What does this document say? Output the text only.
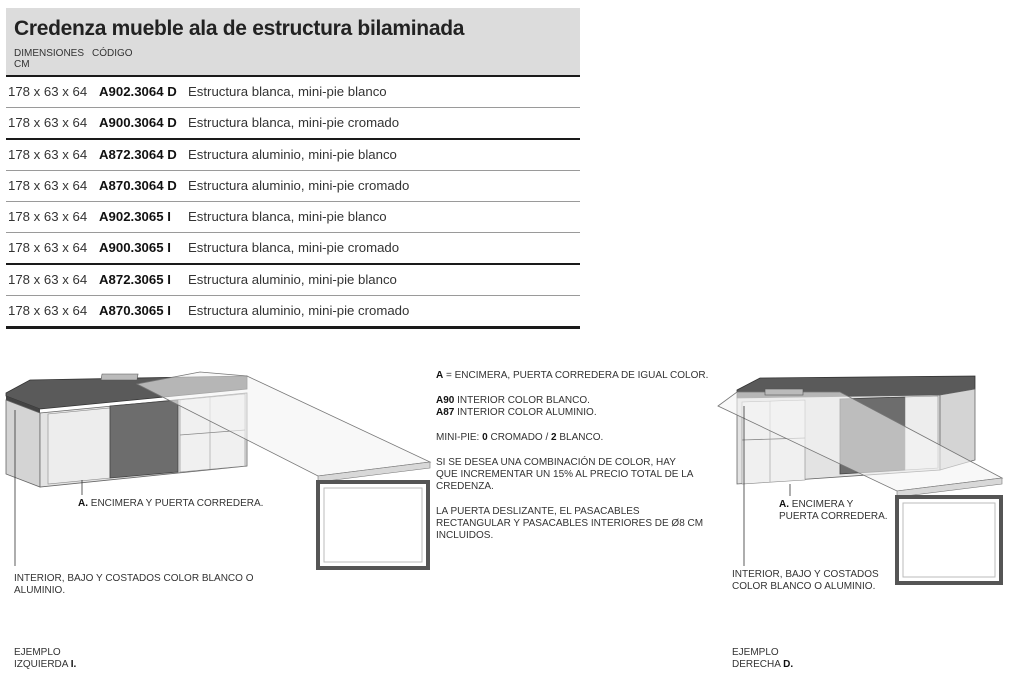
Credenza mueble ala de estructura bilaminada
DIMENSIONES
CM
CÓDIGO
178 x 63 x 64 A902.3064 D Estructura blanca, mini-pie blanco
178 x 63 x 64 A900.3064 D Estructura blanca, mini-pie cromado
178 x 63 x 64 A872.3064 D Estructura aluminio, mini-pie blanco
178 x 63 x 64 A870.3064 D Estructura aluminio, mini-pie cromado
178 x 63 x 64 A902.3065 I Estructura blanca, mini-pie blanco
178 x 63 x 64 A900.3065 I Estructura blanca, mini-pie cromado
178 x 63 x 64 A872.3065 I Estructura aluminio, mini-pie blanco
178 x 63 x 64 A870.3065 I Estructura aluminio, mini-pie cromado
A. ENCIMERA Y PUERTA CORREDERA.
INTERIOR, BAJO Y COSTADOS COLOR BLANCO O
ALUMINIO.
EJEMPLO
IZQUIERDA I.
A. ENCIMERA Y
PUERTA CORREDERA.
INTERIOR, BAJO Y COSTADOS
COLOR BLANCO O ALUMINIO.
EJEMPLO
DERECHA D.

A = ENCIMERA, PUERTA CORREDERA DE IGUAL COLOR.

A90 INTERIOR COLOR BLANCO.
A87 INTERIOR COLOR ALUMINIO.

MINI-PIE: 0 CROMADO / 2 BLANCO.

SI SE DESEA UNA COMBINACIÓN DE COLOR, HAY
QUE INCREMENTAR UN 15% AL PRECIO TOTAL DE LA
CREDENZA.

LA PUERTA DESLIZANTE, EL PASACABLES
RECTANGULAR Y PASACABLES INTERIORES DE Ø8 CM
INCLUIDOS.
